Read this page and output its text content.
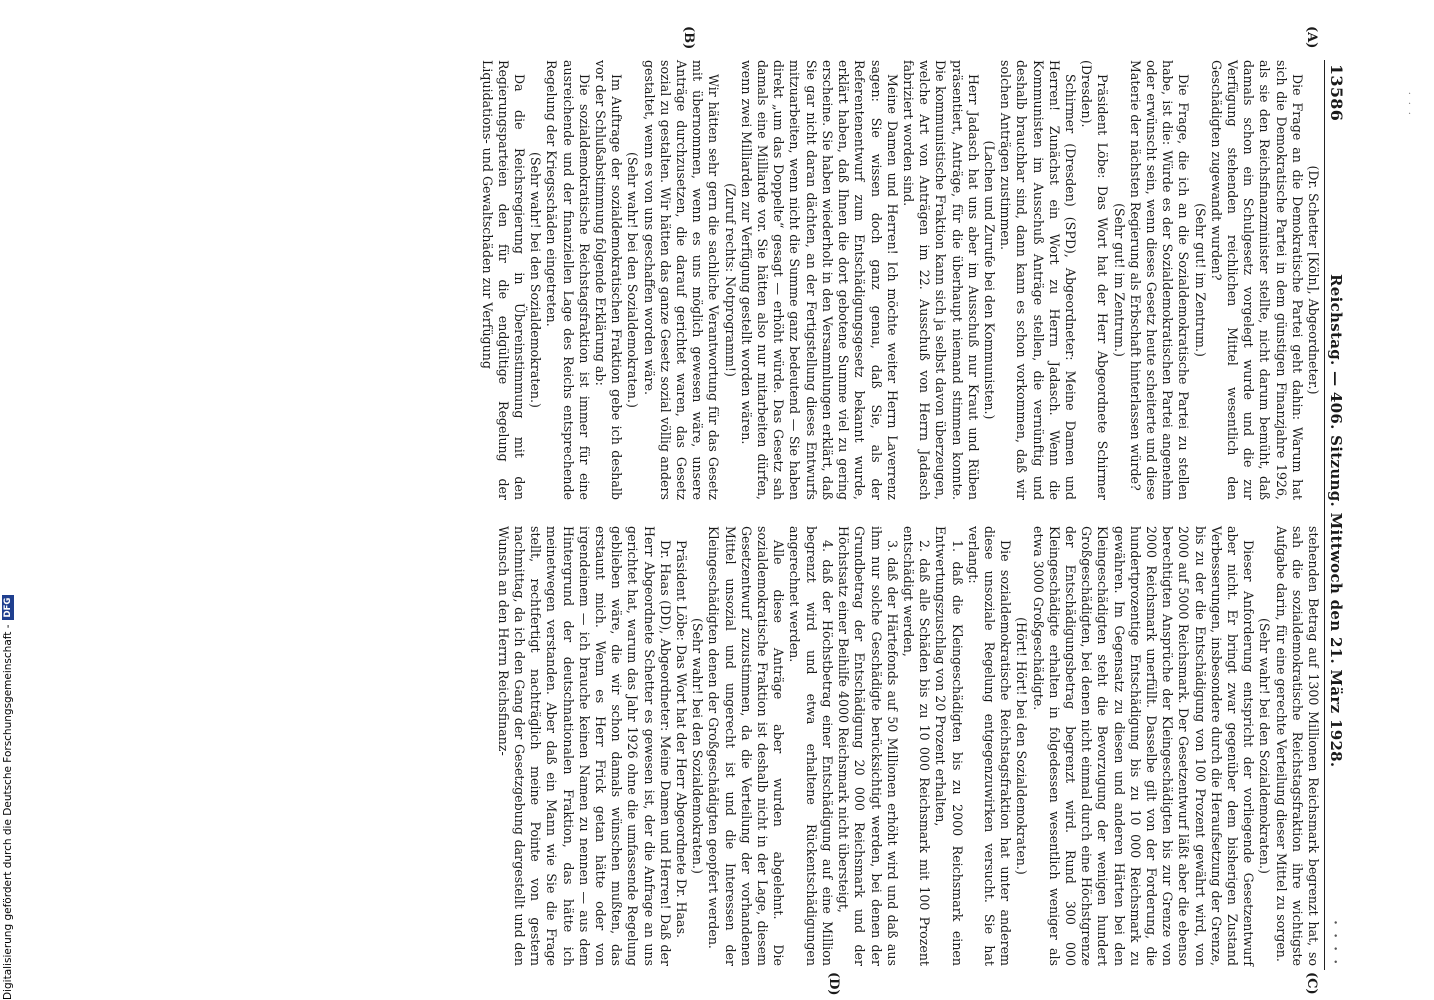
13586
Reichstag. — 406. Sitzung. Mittwoch den 21. März 1928.
· · · ·
(A)
(B)
(C)
(D)

(Dr. Schetter [Köln], Abgeordneter.)

Die Frage an die Demokratische Partei geht dahin: Warum hat sich die Demokratische Partei in dem günstigen Finanzjahre 1926, als sie den Reichsfinanzminister stellte, nicht darum bemüht, daß damals schon ein Schulgesetz vorgelegt wurde und die zur Verfügung stehenden reichlichen Mittel wesentlich den Geschädigten zugewandt wurden?

(Sehr gut! im Zentrum.)

Die Frage, die ich an die Sozialdemokratische Partei zu stellen habe, ist die: Würde es der Sozialdemokratischen Partei angenehm oder erwünscht sein, wenn dieses Gesetz heute scheiterte und diese Materie der nächsten Regierung als Erbschaft hinterlassen würde?

(Sehr gut! im Zentrum.)

Präsident Löbe: Das Wort hat der Herr Abgeordnete Schirmer (Dresden).

Schirmer (Dresden) (SPD), Abgeordneter: Meine Damen und Herren! Zunächst ein Wort zu Herrn Jadasch. Wenn die Kommunisten im Ausschuß Anträge stellen, die vernünftig und deshalb brauchbar sind, dann kann es schon vorkommen, daß wir solchen Anträgen zustimmen.

(Lachen und Zurufe bei den Kommunisten.)

Herr Jadasch hat uns aber im Ausschuß nur Kraut und Rüben präsentiert, Anträge, für die überhaupt niemand stimmen konnte. Die kommunistische Fraktion kann sich ja selbst davon überzeugen, welche Art von Anträgen im 22. Ausschuß von Herrn Jadasch fabriziert worden sind.

Meine Damen und Herren! Ich möchte weiter Herrn Laverrenz sagen: Sie wissen doch ganz genau, daß Sie, als der Referentenentwurf zum Entschädigungsgesetz bekannt wurde, erklärt haben, daß Ihnen die dort gebotene Summe viel zu gering erscheine. Sie haben wiederholt in den Versammlungen erklärt, daß Sie gar nicht daran dächten, an der Fertigstellung dieses Entwurfs mitzuarbeiten, wenn nicht die Summe ganz bedeutend — Sie haben direkt „um das Doppelte“ gesagt — erhöht würde. Das Gesetz sah damals eine Milliarde vor. Sie hätten also nur mitarbeiten dürfen, wenn zwei Milliarden zur Verfügung gestellt worden wären.

(Zuruf rechts: Notprogramm!)

Wir hätten sehr gern die sachliche Verantwortung für das Gesetz mit übernommen, wenn es uns möglich gewesen wäre, unsere Anträge durchzusetzen, die darauf gerichtet waren, das Gesetz sozial zu gestalten. Wir hätten das ganze Gesetz sozial völlig anders gestaltet, wenn es von uns geschaffen worden wäre.

(Sehr wahr! bei den Sozialdemokraten.)

Im Auftrage der sozialdemokratischen Fraktion gebe ich deshalb vor der Schlußabstimmung folgende Erklärung ab:

Die sozialdemokratische Reichstagsfraktion ist immer für eine ausreichende und der finanziellen Lage des Reichs entsprechende Regelung der Kriegsschäden eingetreten.

(Sehr wahr! bei den Sozialdemokraten.)

Da die Reichsregierung in Übereinstimmung mit den Regierungsparteien den für die endgültige Regelung der Liquidations- und Gewaltschäden zur Verfügung

stehenden Betrag auf 1300 Millionen Reichsmark begrenzt hat, so sah die sozialdemokratische Reichstagsfraktion ihre wichtigste Aufgabe darin, für eine gerechte Verteilung dieser Mittel zu sorgen.

(Sehr wahr! bei den Sozialdemokraten.)

Dieser Anforderung entspricht der vorliegende Gesetzentwurf aber nicht. Er bringt zwar gegenüber dem bisherigen Zustand Verbesserungen, insbesondere durch die Heraufsetzung der Grenze, bis zu der die Entschädigung von 100 Prozent gewährt wird, von 2000 auf 5000 Reichsmark. Der Gesetzentwurf läßt aber die ebenso berechtigten Ansprüche der Kleingeschädigten bis zur Grenze von 2000 Reichsmark unerfüllt. Dasselbe gilt von der Forderung, die hundertprozentige Entschädigung bis zu 10 000 Reichsmark zu gewähren. Im Gegensatz zu diesen und anderen Härten bei den Kleingeschädigten steht die Bevorzugung der wenigen hundert Großgeschädigten, bei denen nicht einmal durch eine Höchstgrenze der Entschädigungsbetrag begrenzt wird. Rund 300 000 Kleingeschädigte erhalten in folgedessen wesentlich weniger als etwa 3000 Großgeschädigte.

(Hört! Hört! bei den Sozialdemokraten.)

Die sozialdemokratische Reichstagsfraktion hat unter anderem diese unsoziale Regelung entgegenzuwirken versucht. Sie hat verlangt:

1. daß die Kleingeschädigten bis zu 2000 Reichsmark einen Entwertungszuschlag von 20 Prozent erhalten,

2. daß alle Schäden bis zu 10 000 Reichsmark mit 100 Prozent entschädigt werden,

3. daß der Härtefonds auf 50 Millionen erhöht wird und daß aus ihm nur solche Geschädigte berücksichtigt werden, bei denen der Grundbetrag der Entschädigung 20 000 Reichsmark und der Höchstsatz einer Beihilfe 4000 Reichsmark nicht übersteigt,

4. daß der Höchstbetrag einer Entschädigung auf eine Million begrenzt wird und etwa erhaltene Rückentschädigungen angerechnet werden.

Alle diese Anträge aber wurden abgelehnt. Die sozialdemokratische Fraktion ist deshalb nicht in der Lage, diesem Gesetzentwurf zuzustimmen, da die Verteilung der vorhandenen Mittel unsozial und ungerecht ist und die Interessen der Kleingeschädigten denen der Großgeschädigten geopfert werden.

(Sehr wahr! bei den Sozialdemokraten.)

Präsident Löbe: Das Wort hat der Herr Abgeordnete Dr. Haas.

Dr. Haas (DD), Abgeordneter: Meine Damen und Herren! Daß der Herr Abgeordnete Schetter es gewesen ist, der die Anfrage an uns gerichtet hat, warum das Jahr 1926 ohne die umfassende Regelung geblieben wäre, die wir schon damals wünschen mußten, das erstaunt mich. Wenn es Herr Frick getan hätte oder von irgendeinem — ich brauche keinen Namen zu nennen — aus dem Hintergrund der deutschnationalen Fraktion, das hätte ich meinetwegen verstanden. Aber daß ein Mann wie Sie die Frage stellt, rechtfertigt nachträglich meine Pointe von gestern nachmittag, da ich den Gang der Gesetzgebung dargestellt und den Wunsch an den Herrn Reichsfinanz-

Digitalisierung gefördert durch die Deutsche Forschungsgemeinschaft -
DFG
·
·
·
